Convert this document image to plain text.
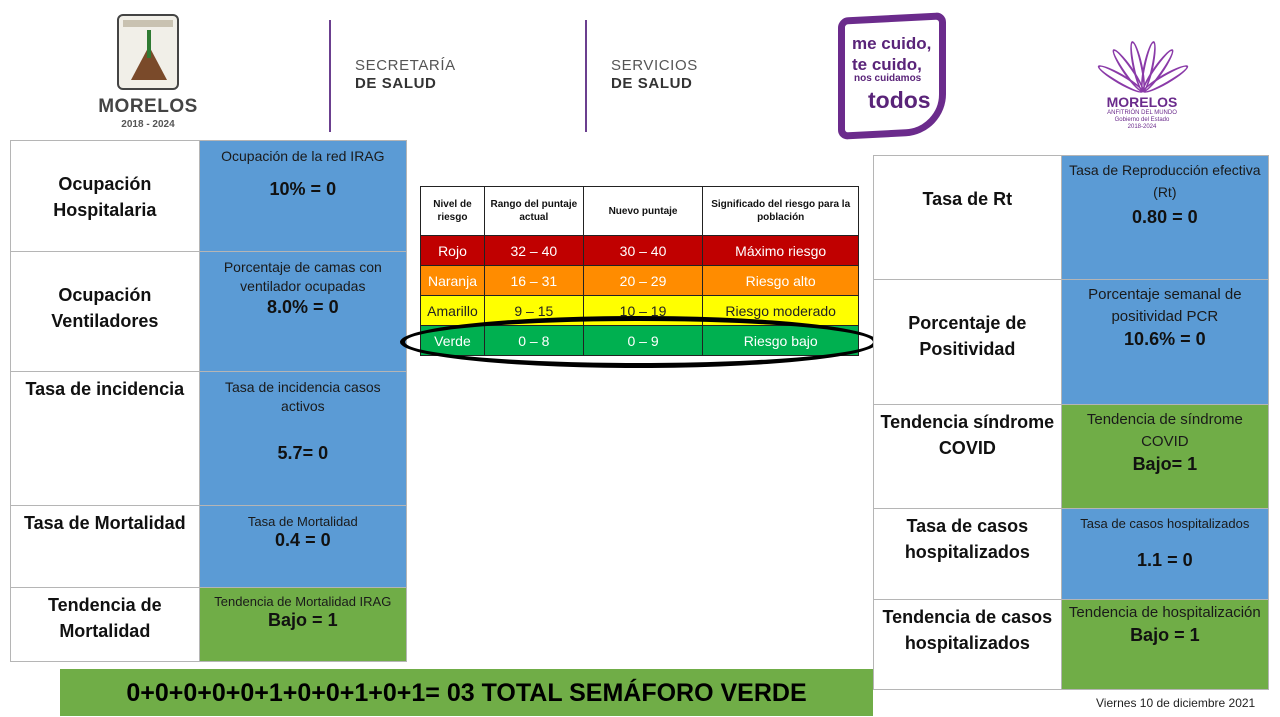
MORELOS
2018 - 2024
SECRETARÍA
DE SALUD
SERVICIOS
DE SALUD
me cuido,
te cuido,
nos cuidamos
todos	MORELOS
ANFITRIÓN DEL MUNDO
Gobierno del Estado
2018-2024
Ocupación Hospitalaria	Ocupación de la red IRAG
10% = 0

Ocupación Ventiladores	Porcentaje de camas con ventilador ocupadas
8.0% = 0

Tasa de incidencia	Tasa de incidencia casos activos
5.7= 0

Tasa de Mortalidad	Tasa de Mortalidad
0.4 = 0

Tendencia de Mortalidad	Tendencia de Mortalidad IRAG
Bajo = 1
Nivel de riesgo	Rango del puntaje actual	Nuevo puntaje	Significado del riesgo para la población
Rojo	32 – 40	30 – 40	Máximo riesgo
Naranja	16 – 31	20 – 29	Riesgo alto
Amarillo	9 – 15	10 – 19	Riesgo moderado
Verde	0 – 8	0 – 9	Riesgo bajo
Tasa de Rt	Tasa de Reproducción efectiva (Rt)
0.80 = 0

Porcentaje de Positividad	Porcentaje semanal de positividad PCR
10.6% = 0

Tendencia síndrome COVID	Tendencia de síndrome COVID
Bajo= 1

Tasa de casos hospitalizados	Tasa de casos hospitalizados
1.1 = 0

Tendencia de casos hospitalizados	Tendencia de hospitalización
Bajo = 1
0+0+0+0+0+1+0+0+1+0+1= 03 TOTAL SEMÁFORO VERDE	Viernes 10 de diciembre 2021
